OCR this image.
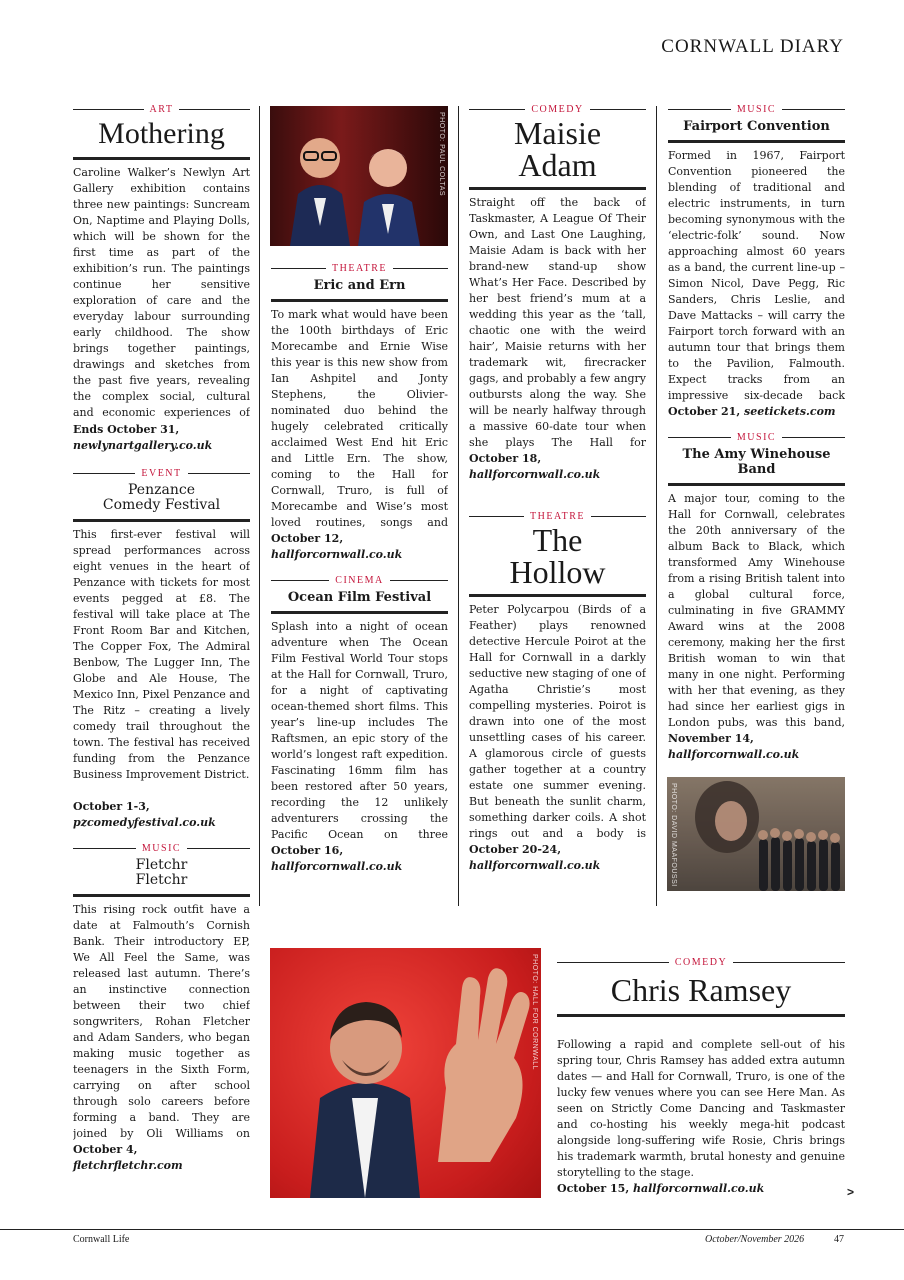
CORNWALL DIARY
ART
Mothering
Caroline Walker’s Newlyn Art Gallery exhibition contains three new paintings: Suncream On, Naptime and Playing Dolls, which will be shown for the first time as part of the exhibition’s run. The paintings continue her sensitive exploration of care and the everyday labour surrounding early childhood. The show brings together paintings, drawings and sketches from the past five years, revealing the complex social, cultural and economic experiences of
Ends October 31,
newlynartgallery.co.uk
EVENT
Penzance
Comedy Festival
This first-ever festival will spread performances across eight venues in the heart of Penzance with tickets for most events pegged at £8. The festival will take place at The Front Room Bar and Kitchen, The Copper Fox, The Admiral Benbow, The Lugger Inn, The Globe and Ale House, The Mexico Inn, Pixel Penzance and The Ritz – creating a lively comedy trail throughout the town. The festival has received funding from the Penzance Business Improvement District.
October 1-3,
pzcomedyfestival.co.uk
MUSIC
Fletchr
Fletchr
This rising rock outfit have a date at Falmouth’s Cornish Bank. Their introductory EP, We All Feel the Same, was released last autumn. There’s an instinctive connection between their two chief songwriters, Rohan Fletcher and Adam Sanders, who began making music together as teenagers in the Sixth Form, carrying on after school through solo careers before forming a band. They are joined by Oli Williams on
October 4,
fletchrfletchr.com
PHOTO: PAUL COLTAS
THEATRE
Eric and Ern
To mark what would have been the 100th birthdays of Eric Morecambe and Ernie Wise this year is this new show from Ian Ashpitel and Jonty Stephens, the Olivier-nominated duo behind the hugely celebrated critically acclaimed West End hit Eric and Little Ern. The show, coming to the Hall for Cornwall, Truro, is full of Morecambe and Wise’s most loved routines, songs and
October 12,
hallforcornwall.co.uk
CINEMA
Ocean Film Festival
Splash into a night of ocean adventure when The Ocean Film Festival World Tour stops at the Hall for Cornwall, Truro, for a night of captivating ocean-themed short films. This year’s line-up includes The Raftsmen, an epic story of the world’s longest raft expedition. Fascinating 16mm film has been restored after 50 years, recording the 12 unlikely adventurers crossing the Pacific Ocean on three
October 16,
hallforcornwall.co.uk
COMEDY
Maisie
Adam
Straight off the back of Taskmaster, A League Of Their Own, and Last One Laughing, Maisie Adam is back with her brand-new stand-up show What’s Her Face. Described by her best friend’s mum at a wedding this year as the ‘tall, chaotic one with the weird hair’, Maisie returns with her trademark wit, firecracker gags, and probably a few angry outbursts along the way. She will be nearly halfway through a massive 60-date tour when she plays The Hall for
October 18,
hallforcornwall.co.uk
THEATRE
The
Hollow
Peter Polycarpou (Birds of a Feather) plays renowned detective Hercule Poirot at the Hall for Cornwall in a darkly seductive new staging of one of Agatha Christie’s most compelling mysteries. Poirot is drawn into one of the most unsettling cases of his career. A glamorous circle of guests gather together at a country estate one summer evening. But beneath the sunlit charm, something darker coils. A shot rings out and a body is
October 20-24,
hallforcornwall.co.uk
MUSIC
Fairport Convention
Formed in 1967, Fairport Convention pioneered the blending of traditional and electric instruments, in turn becoming synonymous with the ‘electric-folk’ sound. Now approaching almost 60 years as a band, the current line-up – Simon Nicol, Dave Pegg, Ric Sanders, Chris Leslie, and Dave Mattacks – will carry the Fairport torch forward with an autumn tour that brings them to the Pavilion, Falmouth. Expect tracks from an impressive six-decade back
October 21, seetickets.com
MUSIC
The Amy Winehouse Band
A major tour, coming to the Hall for Cornwall, celebrates the 20th anniversary of the album Back to Black, which transformed Amy Winehouse from a rising British talent into a global cultural force, culminating in five GRAMMY Award wins at the 2008 ceremony, making her the first British woman to win that many in one night. Performing with her that evening, as they had since her earliest gigs in London pubs, was this band,
November 14,
hallforcornwall.co.uk
PHOTO: DAVID MAAFOUSSI
PHOTO: HALL FOR CORNWALL	COMEDY
Chris Ramsey
Following a rapid and complete sell-out of his spring tour, Chris Ramsey has added extra autumn dates — and Hall for Cornwall, Truro, is one of the lucky few venues where you can see Here Man. As seen on Strictly Come Dancing and Taskmaster and co-hosting his weekly mega-hit podcast alongside long-suffering wife Rosie, Chris brings his trademark warmth, brutal honesty and genuine storytelling to the stage.
October 15, hallforcornwall.co.uk	>
Cornwall Life	October/November 2026	47
